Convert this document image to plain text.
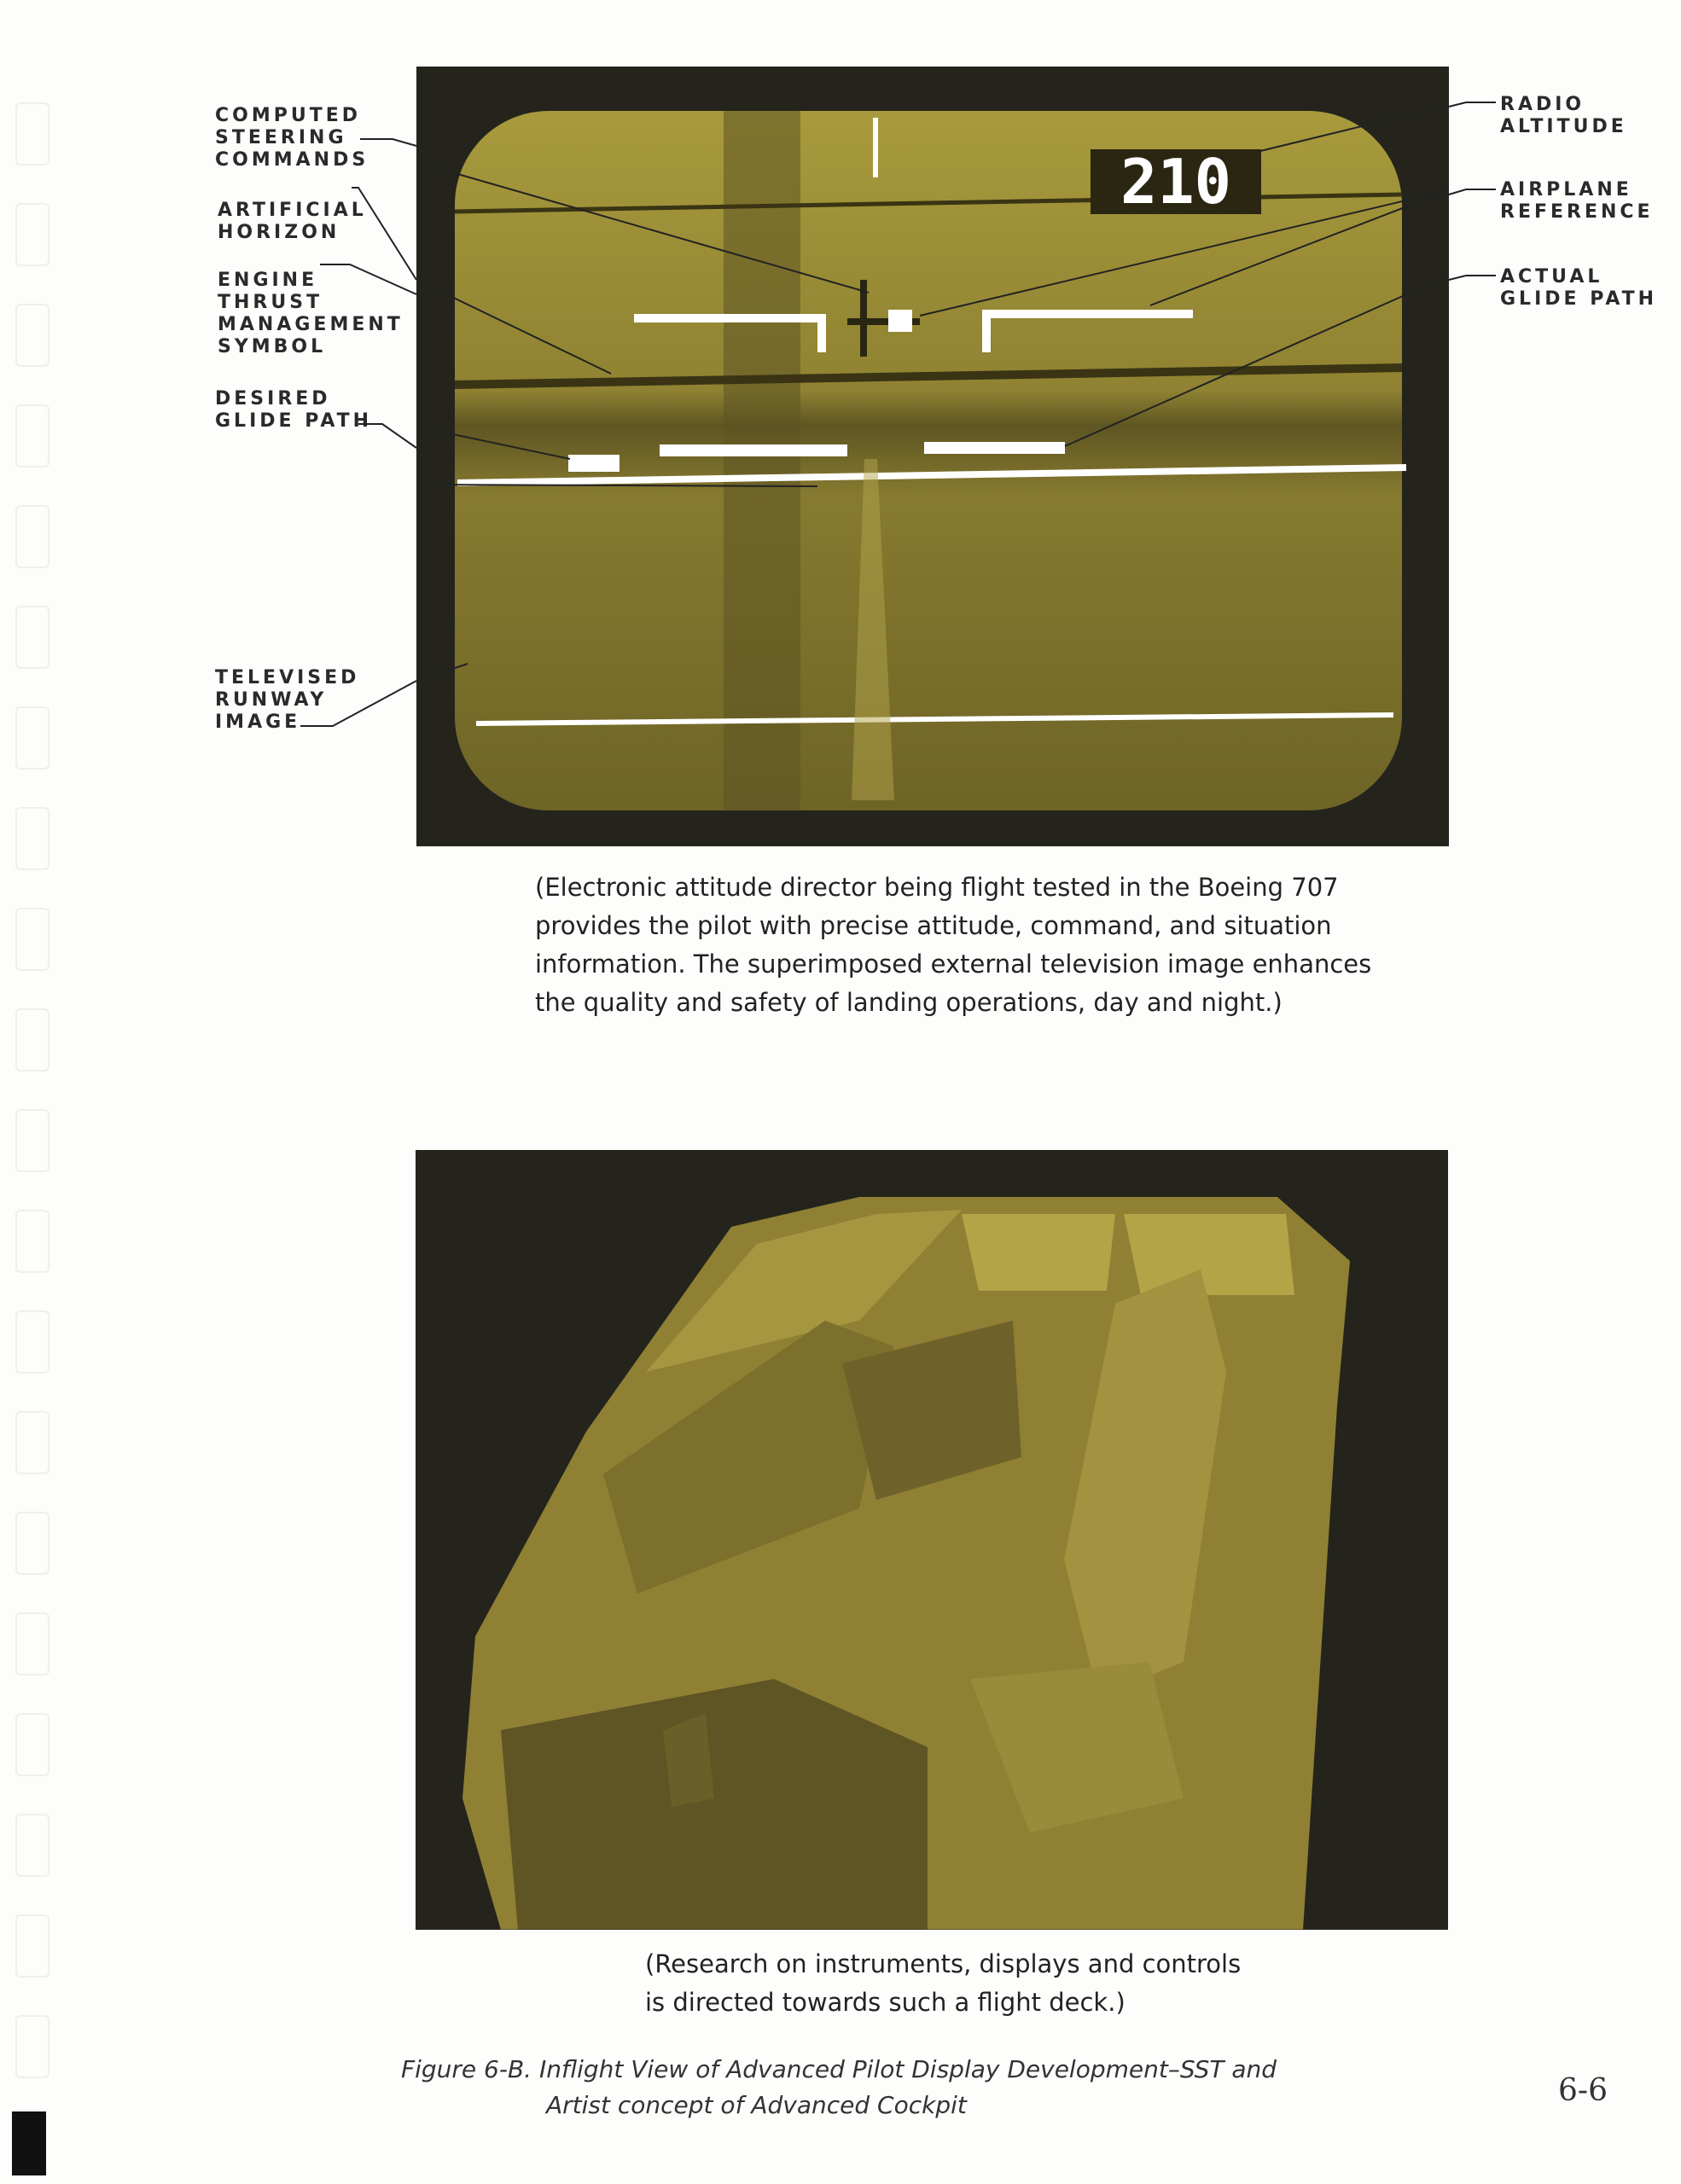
210
COMPUTED
STEERING
COMMANDS
ARTIFICIAL
HORIZON
ENGINE
THRUST
MANAGEMENT
SYMBOL
DESIRED
GLIDE PATH
TELEVISED
RUNWAY
IMAGE
RADIO
ALTITUDE
AIRPLANE
REFERENCE
ACTUAL
GLIDE PATH
(Electronic attitude director being flight tested in the Boeing 707
provides the pilot with precise attitude, command, and situation
information. The superimposed external television image enhances
the quality and safety of landing operations, day and night.)
(Research on instruments, displays and controls
is directed towards such a flight deck.)
Figure 6-B. Inflight View of Advanced Pilot Display Development–SST and
Artist concept of Advanced Cockpit	6-6
